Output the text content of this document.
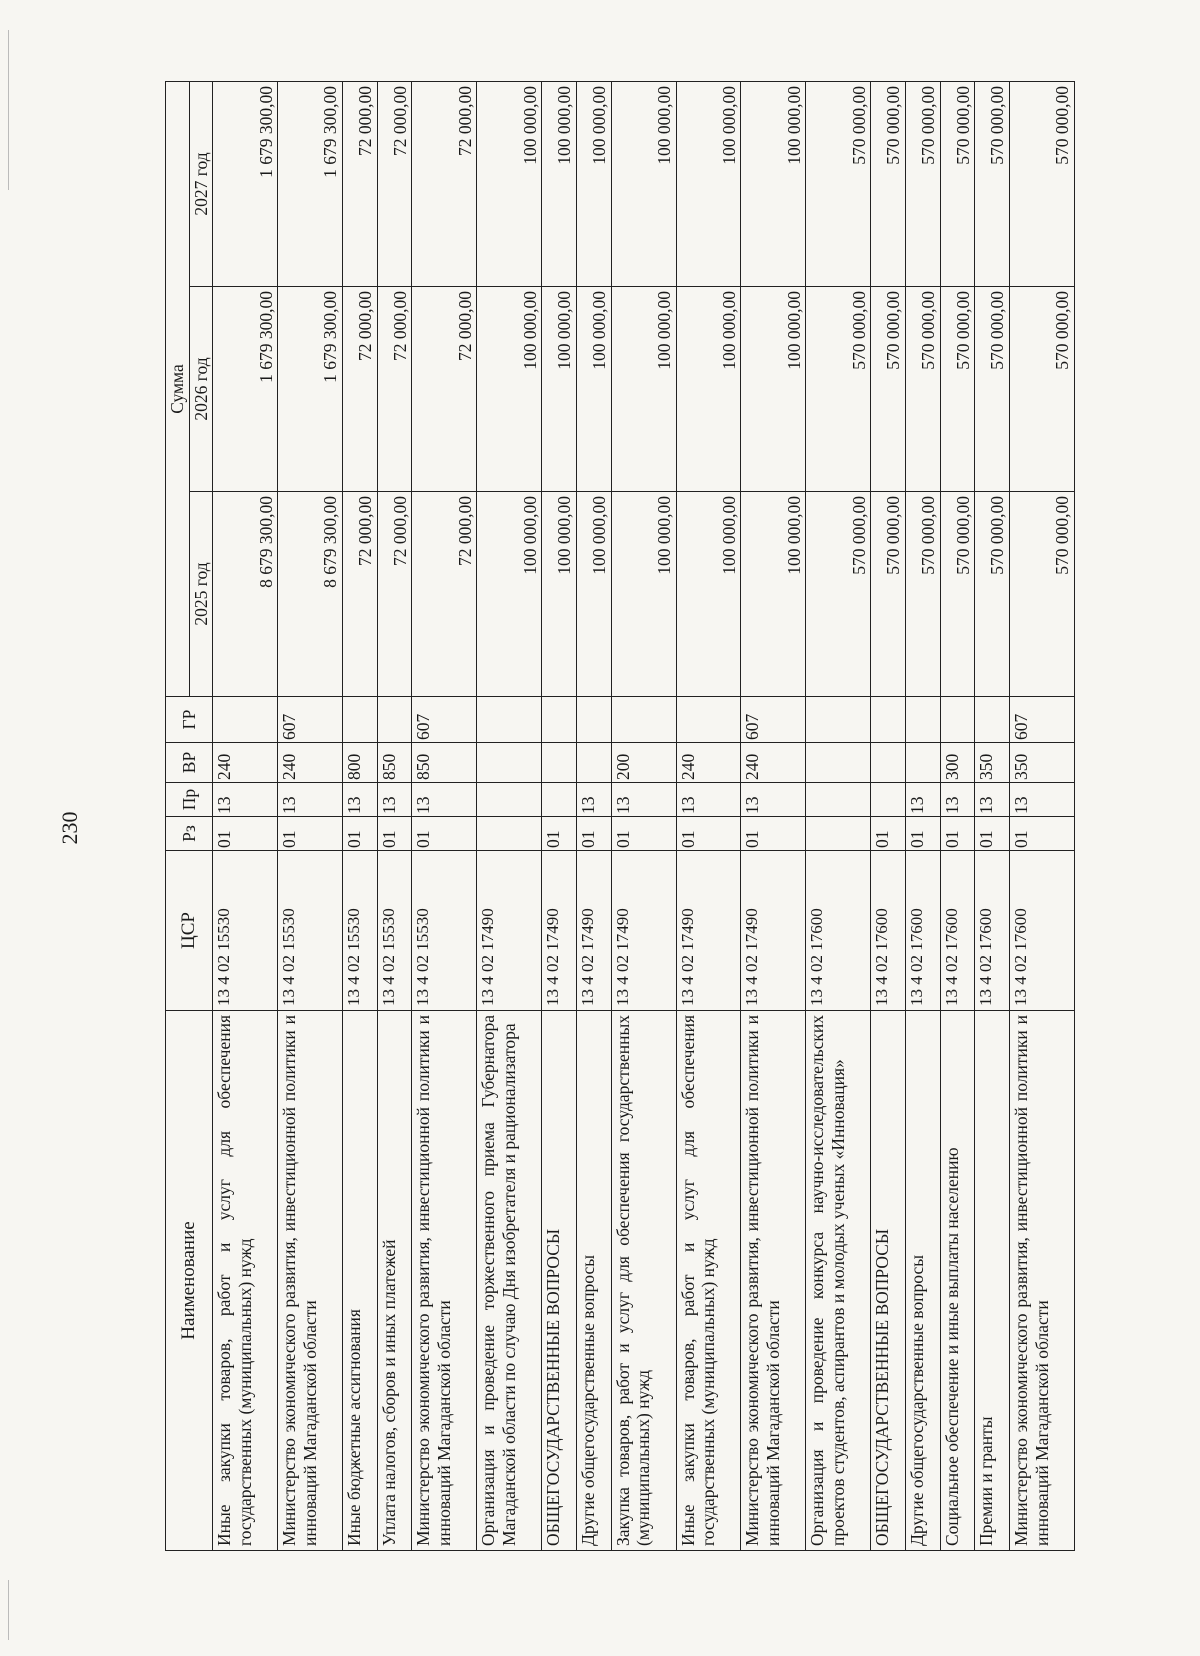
230
Наименование	ЦСР	Рз	Пр	ВР	ГР	Сумма		
						2025 год	2026 год	2027 год
Иные закупки товаров, работ и услуг для обеспечения государственных (муниципальных) нужд	13 4 02 15530	01	13	240		8 679 300,00	1 679 300,00	1 679 300,00
Министерство экономического развития, инвестиционной политики и инноваций Магаданской области	13 4 02 15530	01	13	240	607	8 679 300,00	1 679 300,00	1 679 300,00
Иные бюджетные ассигнования	13 4 02 15530	01	13	800		72 000,00	72 000,00	72 000,00
Уплата налогов, сборов и иных платежей	13 4 02 15530	01	13	850		72 000,00	72 000,00	72 000,00
Министерство экономического развития, инвестиционной политики и инноваций Магаданской области	13 4 02 15530	01	13	850	607	72 000,00	72 000,00	72 000,00
Организация и проведение торжественного приема Губернатора Магаданской области по случаю Дня изобретателя и рационализатора	13 4 02 17490					100 000,00	100 000,00	100 000,00
ОБЩЕГОСУДАРСТВЕННЫЕ ВОПРОСЫ	13 4 02 17490	01				100 000,00	100 000,00	100 000,00
Другие общегосударственные вопросы	13 4 02 17490	01	13			100 000,00	100 000,00	100 000,00
Закупка товаров, работ и услуг для обеспечения государственных (муниципальных) нужд	13 4 02 17490	01	13	200		100 000,00	100 000,00	100 000,00
Иные закупки товаров, работ и услуг для обеспечения государственных (муниципальных) нужд	13 4 02 17490	01	13	240		100 000,00	100 000,00	100 000,00
Министерство экономического развития, инвестиционной политики и инноваций Магаданской области	13 4 02 17490	01	13	240	607	100 000,00	100 000,00	100 000,00
Организация и проведение конкурса научно-исследовательских проектов студентов, аспирантов и молодых ученых «Инновация»	13 4 02 17600					570 000,00	570 000,00	570 000,00
ОБЩЕГОСУДАРСТВЕННЫЕ ВОПРОСЫ	13 4 02 17600	01				570 000,00	570 000,00	570 000,00
Другие общегосударственные вопросы	13 4 02 17600	01	13			570 000,00	570 000,00	570 000,00
Социальное обеспечение и иные выплаты населению	13 4 02 17600	01	13	300		570 000,00	570 000,00	570 000,00
Премии и гранты	13 4 02 17600	01	13	350		570 000,00	570 000,00	570 000,00
Министерство экономического развития, инвестиционной политики и инноваций Магаданской области	13 4 02 17600	01	13	350	607	570 000,00	570 000,00	570 000,00
